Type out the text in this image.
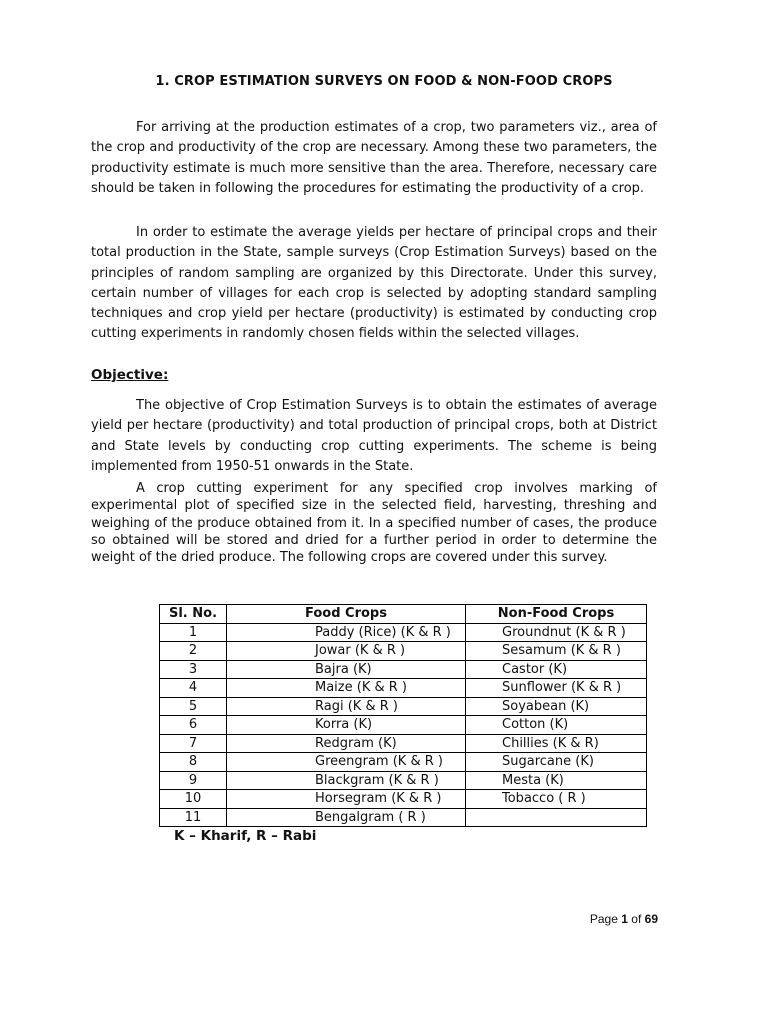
1. CROP ESTIMATION SURVEYS ON FOOD & NON-FOOD CROPS

For arriving at the production estimates of a crop, two parameters viz., area of the crop and productivity of the crop are necessary. Among these two parameters, the productivity estimate is much more sensitive than the area. Therefore, necessary care should be taken in following the procedures for estimating the productivity of a crop.

In order to estimate the average yields per hectare of principal crops and their total production in the State, sample surveys (Crop Estimation Surveys) based on the principles of random sampling are organized by this Directorate. Under this survey, certain number of villages for each crop is selected by adopting standard sampling techniques and crop yield per hectare (productivity) is estimated by conducting crop cutting experiments in randomly chosen fields within the selected villages.

Objective:

The objective of Crop Estimation Surveys is to obtain the estimates of average yield per hectare (productivity) and total production of principal crops, both at District and State levels by conducting crop cutting experiments. The scheme is being implemented from 1950-51 onwards in the State.

A crop cutting experiment for any specified crop involves marking of experimental plot of specified size in the selected field, harvesting, threshing and weighing of the produce obtained from it. In a specified number of cases, the produce so obtained will be stored and dried for a further period in order to determine the weight of the dried produce. The following crops are covered under this survey.

Sl. No.	Food Crops	Non-Food Crops
1	Paddy (Rice) (K & R )	Groundnut (K & R )
2	Jowar (K & R )	Sesamum (K & R )
3	Bajra (K)	Castor (K)
4	Maize (K & R )	Sunflower (K & R )
5	Ragi (K & R )	Soyabean (K)
6	Korra (K)	Cotton (K)
7	Redgram (K)	Chillies (K & R)
8	Greengram (K & R )	Sugarcane (K)
9	Blackgram (K & R )	Mesta (K)
10	Horsegram (K & R )	Tobacco ( R )
11	Bengalgram ( R )	

K – Kharif, R – Rabi

Page 1 of 69
